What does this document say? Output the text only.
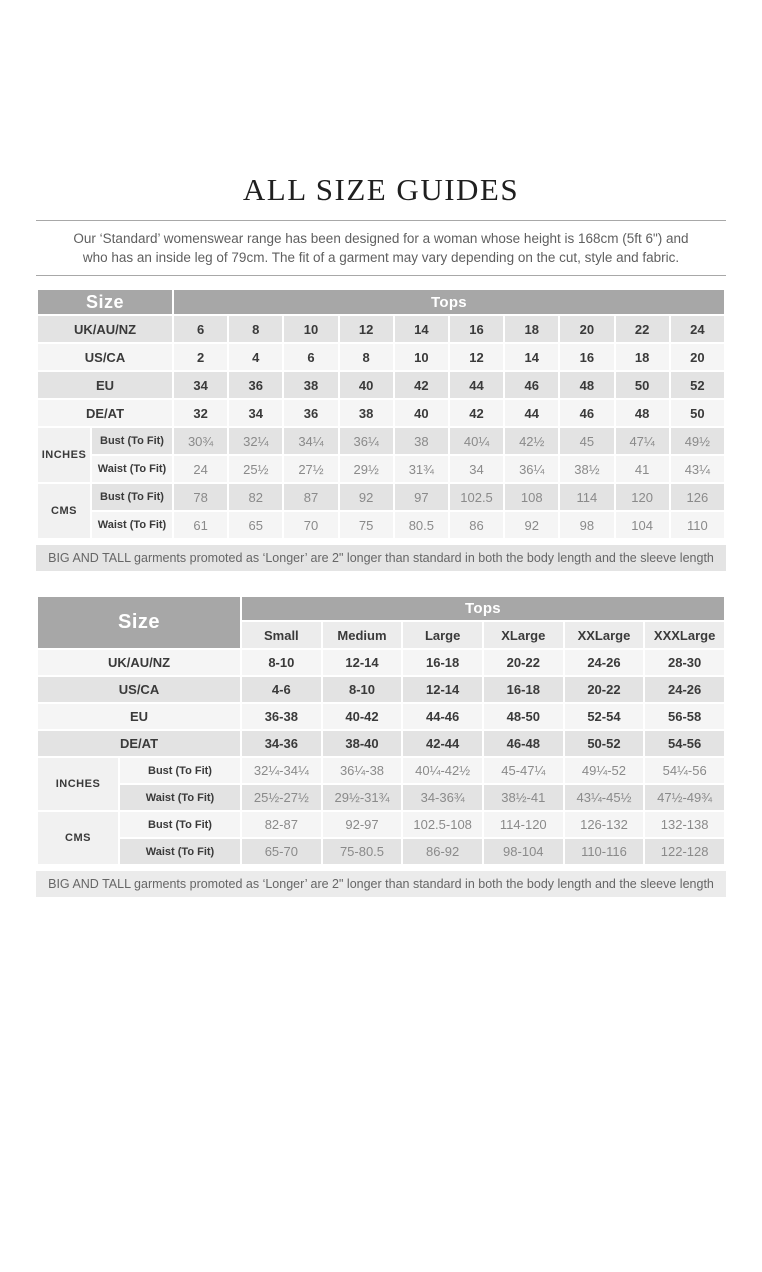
ALL SIZE GUIDES

Our ‘Standard’ womenswear range has been designed for a woman whose height is 168cm (5ft 6") and
who has an inside leg of 79cm. The fit of a garment may vary depending on the cut, style and fabric.

Size		Tops									
UK/AU/NZ		6	8	10	12	14	16	18	20	22	24
US/CA		2	4	6	8	10	12	14	16	18	20
EU		34	36	38	40	42	44	46	48	50	52
DE/AT		32	34	36	38	40	42	44	46	48	50
INCHES	Bust (To Fit)	30¾	32¼	34¼	36¼	38	40¼	42½	45	47¼	49½
	Waist (To Fit)	24	25½	27½	29½	31¾	34	36¼	38½	41	43¼
CMS	Bust (To Fit)	78	82	87	92	97	102.5	108	114	120	126
	Waist (To Fit)	61	65	70	75	80.5	86	92	98	104	110
BIG AND TALL garments promoted as ‘Longer’ are 2" longer than standard in both the body length and the sleeve length
Size		Tops					
		Small	Medium	Large	XLarge	XXLarge	XXXLarge
UK/AU/NZ		8-10	12-14	16-18	20-22	24-26	28-30
US/CA		4-6	8-10	12-14	16-18	20-22	24-26
EU		36-38	40-42	44-46	48-50	52-54	56-58
DE/AT		34-36	38-40	42-44	46-48	50-52	54-56
INCHES	Bust (To Fit)	32¼-34¼	36¼-38	40¼-42½	45-47¼	49¼-52	54¼-56
	Waist (To Fit)	25½-27½	29½-31¾	34-36¾	38½-41	43¼-45½	47½-49¾
CMS	Bust (To Fit)	82-87	92-97	102.5-108	114-120	126-132	132-138
	Waist (To Fit)	65-70	75-80.5	86-92	98-104	110-116	122-128
BIG AND TALL garments promoted as ‘Longer’ are 2" longer than standard in both the body length and the sleeve length
